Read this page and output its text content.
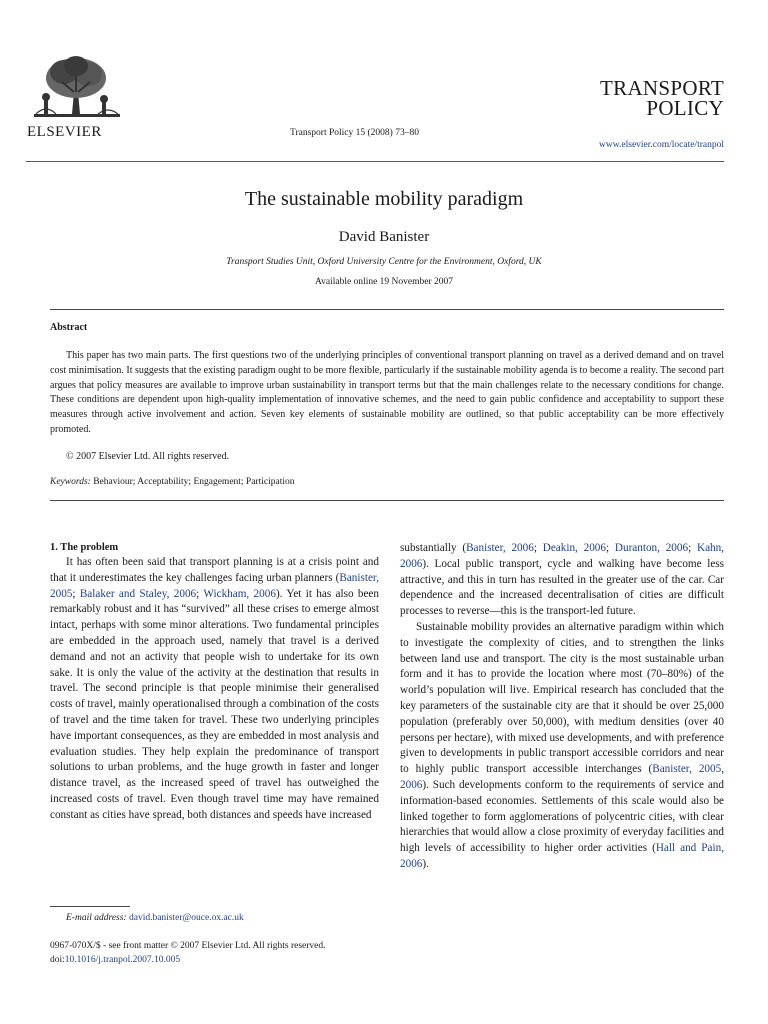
ELSEVIER	Transport Policy 15 (2008) 73–80
TRANSPORT
POLICY
www.elsevier.com/locate/tranpol
The sustainable mobility paradigm
David Banister
Transport Studies Unit, Oxford University Centre for the Environment, Oxford, UK
Available online 19 November 2007
Abstract
This paper has two main parts. The first questions two of the underlying principles of conventional transport planning on travel as a derived demand and on travel cost minimisation. It suggests that the existing paradigm ought to be more flexible, particularly if the sustainable mobility agenda is to become a reality. The second part argues that policy measures are available to improve urban sustainability in transport terms but that the main challenges relate to the necessary conditions for change. These conditions are dependent upon high-quality implementation of innovative schemes, and the need to gain public confidence and acceptability to support these measures through active involvement and action. Seven key elements of sustainable mobility are outlined, so that public acceptability can be more effectively promoted.
© 2007 Elsevier Ltd. All rights reserved.
Keywords: Behaviour; Acceptability; Engagement; Participation
1. The problem
It has often been said that transport planning is at a crisis point and that it underestimates the key challenges facing urban planners (Banister, 2005; Balaker and Staley, 2006; Wickham, 2006). Yet it has also been remarkably robust and it has “survived” all these crises to emerge almost intact, perhaps with some minor alterations. Two fundamental principles are embedded in the approach used, namely that travel is a derived demand and not an activity that people wish to undertake for its own sake. It is only the value of the activity at the destination that results in travel. The second principle is that people minimise their generalised costs of travel, mainly operationalised through a combination of the costs of travel and the time taken for travel. These two underlying principles have important consequences, as they are embedded in most analysis and evaluation studies. They help explain the predominance of transport solutions to urban problems, and the huge growth in faster and longer distance travel, as the increased speed of travel has outweighed the increased costs of travel. Even though travel time may have remained constant as cities have spread, both distances and speeds have increased

substantially (Banister, 2006; Deakin, 2006; Duranton, 2006; Kahn, 2006). Local public transport, cycle and walking have become less attractive, and this in turn has resulted in the greater use of the car. Car dependence and the increased decentralisation of cities are difficult processes to reverse—this is the transport-led future.

Sustainable mobility provides an alternative paradigm within which to investigate the complexity of cities, and to strengthen the links between land use and transport. The city is the most sustainable urban form and it has to provide the location where most (70–80%) of the world’s population will live. Empirical research has concluded that the key parameters of the sustainable city are that it should be over 25,000 population (preferably over 50,000), with medium densities (over 40 persons per hectare), with mixed use developments, and with preference given to developments in public transport accessible corridors and near to highly public transport accessible interchanges (Banister, 2005, 2006). Such developments conform to the requirements of service and information-based economies. Settlements of this scale would also be linked together to form agglomerations of polycentric cities, with clear hierarchies that would allow a close proximity of everyday facilities and high levels of accessibility to higher order activities (Hall and Pain, 2006).

E-mail address: david.banister@ouce.ox.ac.uk
0967-070X/$ - see front matter © 2007 Elsevier Ltd. All rights reserved.
doi:10.1016/j.tranpol.2007.10.005
